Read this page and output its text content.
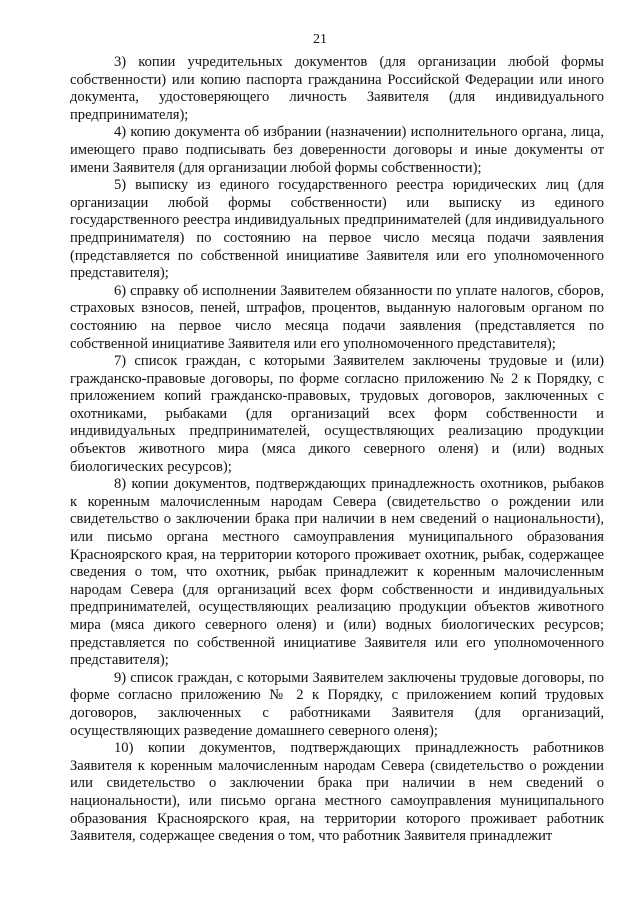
21

3) копии учредительных документов (для организации любой формы собственности) или копию паспорта гражданина Российской Федерации или иного документа, удостоверяющего личность Заявителя (для индивидуального предпринимателя);

4) копию документа об избрании (назначении) исполнительного органа, лица, имеющего право подписывать без доверенности договоры и иные документы от имени Заявителя (для организации любой формы собственности);

5) выписку из единого государственного реестра юридических лиц (для организации любой формы собственности) или выписку из единого государственного реестра индивидуальных предпринимателей (для индивидуального предпринимателя) по состоянию на первое число месяца подачи заявления (представляется по собственной инициативе Заявителя или его уполномоченного представителя);

6) справку об исполнении Заявителем обязанности по уплате налогов, сборов, страховых взносов, пеней, штрафов, процентов, выданную налоговым органом по состоянию на первое число месяца подачи заявления (представляется по собственной инициативе Заявителя или его уполномоченного представителя);

7) список граждан, с которыми Заявителем заключены трудовые и (или) гражданско-правовые договоры, по форме согласно приложению № 2 к Порядку, с приложением копий гражданско-правовых, трудовых договоров, заключенных с охотниками, рыбаками (для организаций всех форм собственности и индивидуальных предпринимателей, осуществляющих реализацию продукции объектов животного мира (мяса дикого северного оленя) и (или) водных биологических ресурсов);

8) копии документов, подтверждающих принадлежность охотников, рыбаков к коренным малочисленным народам Севера (свидетельство о рождении или свидетельство о заключении брака при наличии в нем сведений о национальности), или письмо органа местного самоуправления муниципального образования Красноярского края, на территории которого проживает охотник, рыбак, содержащее сведения о том, что охотник, рыбак принадлежит к коренным малочисленным народам Севера (для организаций всех форм собственности и индивидуальных предпринимателей, осуществляющих реализацию продукции объектов животного мира (мяса дикого северного оленя) и (или) водных биологических ресурсов; представляется по собственной инициативе Заявителя или его уполномоченного представителя);

9) список граждан, с которыми Заявителем заключены трудовые договоры, по форме согласно приложению № 2 к Порядку, с приложением копий трудовых договоров, заключенных с работниками Заявителя (для организаций, осуществляющих разведение домашнего северного оленя);

10) копии документов, подтверждающих принадлежность работников Заявителя к коренным малочисленным народам Севера (свидетельство о рождении или свидетельство о заключении брака при наличии в нем сведений о национальности), или письмо органа местного самоуправления муниципального образования Красноярского края, на территории которого проживает работник Заявителя, содержащее сведения о том, что работник Заявителя принадлежит
